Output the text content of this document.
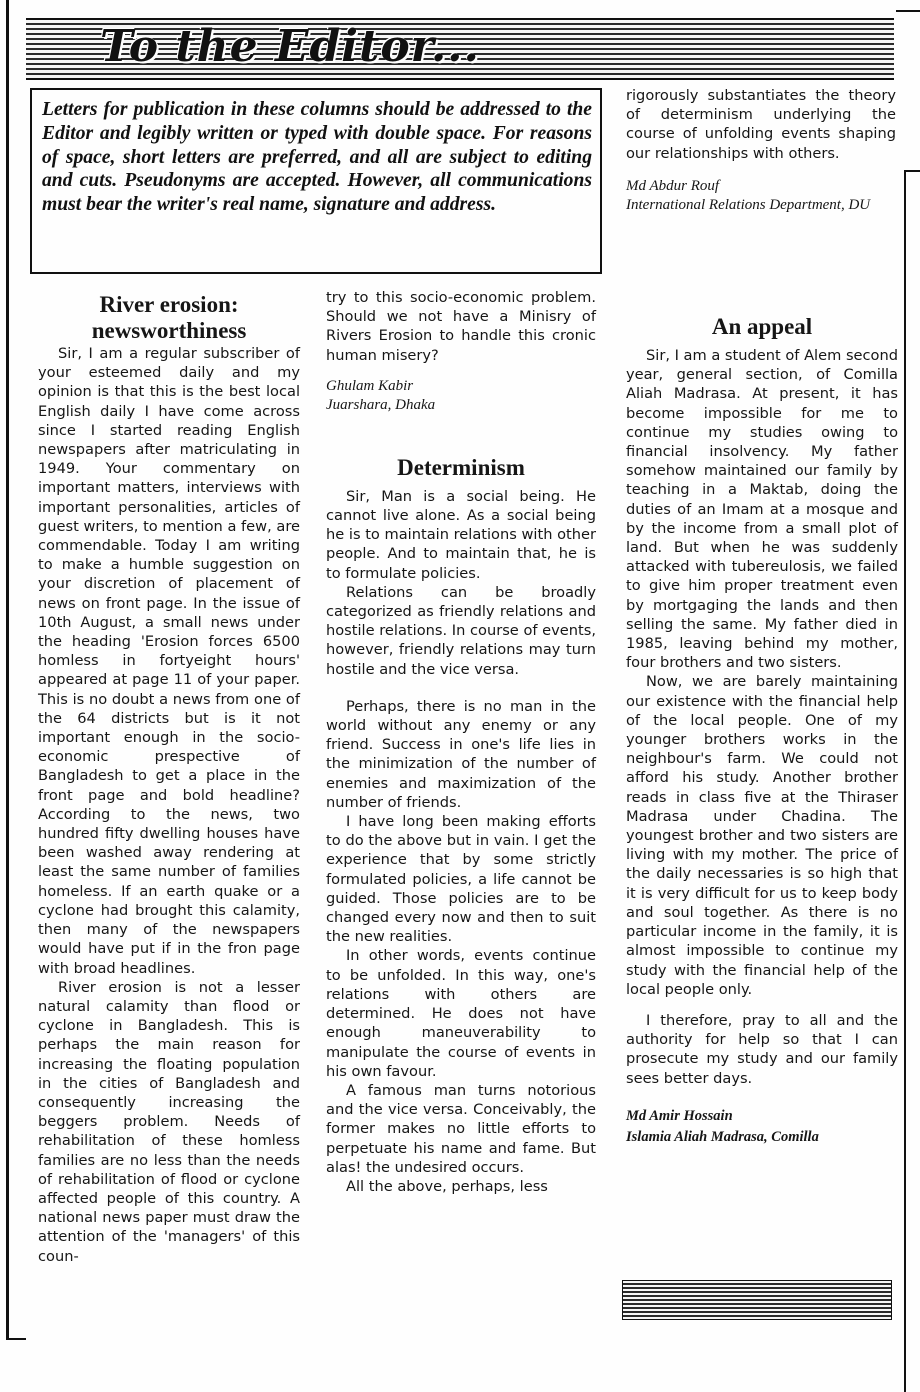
To the Editor...
Letters for publication in these columns should be addressed to the Editor and legibly written or typed with double space. For reasons of space, short letters are preferred, and all are subject to editing and cuts. Pseudonyms are accepted. However, all communications must bear the writer's real name, signature and address.
River erosion: newsworthiness

Sir, I am a regular subscriber of your esteemed daily and my opinion is that this is the best local English daily I have come across since I started reading English newspapers after matriculating in 1949. Your commentary on important matters, interviews with important personalities, articles of guest writers, to mention a few, are commendable. Today I am writing to make a humble suggestion on your discretion of placement of news on front page. In the issue of 10th August, a small news under the heading 'Erosion forces 6500 homless in fortyeight hours' appeared at page 11 of your paper. This is no doubt a news from one of the 64 districts but is it not important enough in the socio-economic prespective of Bangladesh to get a place in the front page and bold headline? According to the news, two hundred fifty dwelling houses have been washed away rendering at least the same number of families homeless. If an earth quake or a cyclone had brought this calamity, then many of the newspapers would have put if in the fron page with broad headlines.

River erosion is not a lesser natural calamity than flood or cyclone in Bangladesh. This is perhaps the main reason for increasing the floating population in the cities of Bangladesh and consequently increasing the beggers problem. Needs of rehabilitation of these homless families are no less than the needs of rehabilitation of flood or cyclone affected people of this country. A national news paper must draw the attention of the 'managers' of this coun-

try to this socio-economic problem. Should we not have a Minisry of Rivers Erosion to handle this cronic human misery?

Ghulam Kabir
Juarshara, Dhaka
Determinism

Sir, Man is a social being. He cannot live alone. As a social being he is to maintain relations with other people. And to maintain that, he is to formulate policies.

Relations can be broadly categorized as friendly relations and hostile relations. In course of events, however, friendly relations may turn hostile and the vice versa.

Perhaps, there is no man in the world without any enemy or any friend. Success in one's life lies in the minimization of the number of enemies and maximization of the number of friends.

I have long been making efforts to do the above but in vain. I get the experience that by some strictly formulated policies, a life cannot be guided. Those policies are to be changed every now and then to suit the new realities.

In other words, events continue to be unfolded. In this way, one's relations with others are determined. He does not have enough maneuverability to manipulate the course of events in his own favour.

A famous man turns notorious and the vice versa. Conceivably, the former makes no little efforts to perpetuate his name and fame. But alas! the undesired occurs.

All the above, perhaps, less

rigorously substantiates the theory of determinism underlying the course of unfolding events shaping our relationships with others.

Md Abdur Rouf
International Relations Department, DU
An appeal

Sir, I am a student of Alem second year, general section, of Comilla Aliah Madrasa. At present, it has become impossible for me to continue my studies owing to financial insolvency. My father somehow maintained our family by teaching in a Maktab, doing the duties of an Imam at a mosque and by the income from a small plot of land. But when he was suddenly attacked with tubereulosis, we failed to give him proper treatment even by mortgaging the lands and then selling the same. My father died in 1985, leaving behind my mother, four brothers and two sisters.

Now, we are barely maintaining our existence with the financial help of the local people. One of my younger brothers works in the neighbour's farm. We could not afford his study. Another brother reads in class five at the Thiraser Madrasa under Chadina. The youngest brother and two sisters are living with my mother. The price of the daily necessaries is so high that it is very difficult for us to keep body and soul together. As there is no particular income in the family, it is almost impossible to continue my study with the financial help of the local people only.

I therefore, pray to all and the authority for help so that I can prosecute my study and our family sees better days.

Md Amir Hossain
Islamia Aliah Madrasa, Comilla
